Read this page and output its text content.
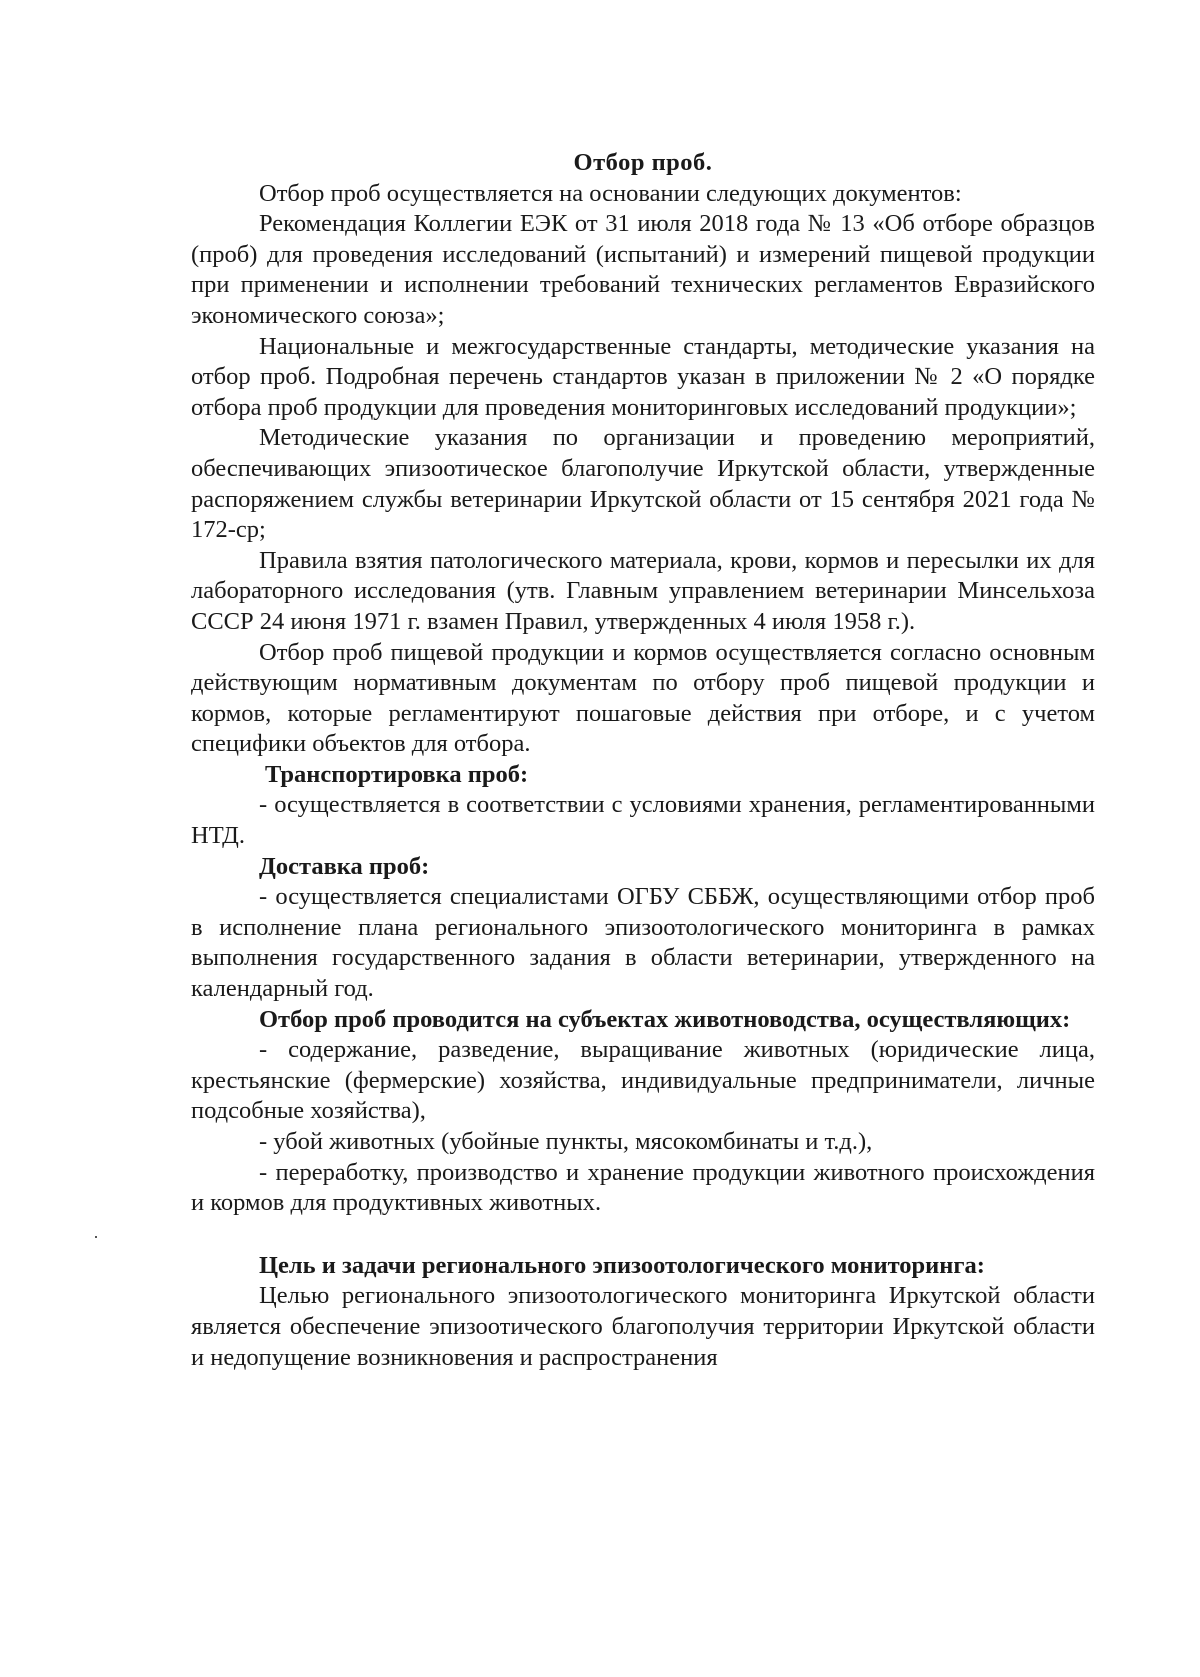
Отбор проб.

Отбор проб осуществляется на основании следующих документов:

Рекомендация Коллегии ЕЭК от 31 июля 2018 года № 13 «Об отборе образцов (проб) для проведения исследований (испытаний) и измерений пищевой продукции при применении и исполнении требований технических регламентов Евразийского экономического союза»;

Национальные и межгосударственные стандарты, методические указания на отбор проб. Подробная перечень стандартов указан в приложении № 2 «О порядке отбора проб продукции для проведения мониторинговых исследований продукции»;

Методические указания по организации и проведению мероприятий, обеспечивающих эпизоотическое благополучие Иркутской области, утвержденные распоряжением службы ветеринарии Иркутской области от 15 сентября 2021 года № 172-ср;

Правила взятия патологического материала, крови, кормов и пересылки их для лабораторного исследования (утв. Главным управлением ветеринарии Минсельхоза СССР 24 июня 1971 г. взамен Правил, утвержденных 4 июля 1958 г.).

Отбор проб пищевой продукции и кормов осуществляется согласно основным действующим нормативным документам по отбору проб пищевой продукции и кормов, которые регламентируют пошаговые действия при отборе, и с учетом специфики объектов для отбора.

Транспортировка проб:

- осуществляется в соответствии с условиями хранения, регламентированными НТД.

Доставка проб:

- осуществляется специалистами ОГБУ СББЖ, осуществляющими отбор проб в исполнение плана регионального эпизоотологического мониторинга в рамках выполнения государственного задания в области ветеринарии, утвержденного на календарный год.

Отбор проб проводится на субъектах животноводства, осуществляющих:

- содержание, разведение, выращивание животных (юридические лица, крестьянские (фермерские) хозяйства, индивидуальные предприниматели, личные подсобные хозяйства),

- убой животных (убойные пункты, мясокомбинаты и т.д.),

- переработку, производство и хранение продукции животного происхождения и кормов для продуктивных животных.

Цель и задачи регионального эпизоотологического мониторинга:

Целью регионального эпизоотологического мониторинга Иркутской области является обеспечение эпизоотического благополучия территории Иркутской области и недопущение возникновения и распространения
